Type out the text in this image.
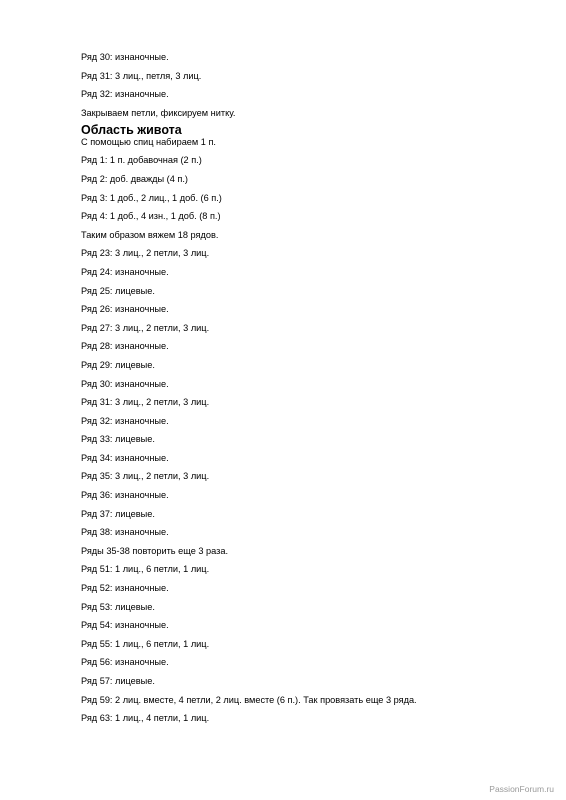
Ряд 30: изнаночные.
Ряд 31: 3 лиц., петля, 3 лиц.
Ряд 32: изнаночные.
Закрываем петли, фиксируем нитку.
Область живота
С помощью спиц набираем 1 п.
Ряд 1: 1 п. добавочная (2 п.)
Ряд 2: доб. дважды (4 п.)
Ряд 3: 1 доб., 2 лиц., 1 доб. (6 п.)
Ряд 4: 1 доб., 4 изн., 1 доб. (8 п.)
Таким образом вяжем 18 рядов.
Ряд 23: 3 лиц., 2 петли, 3 лиц.
Ряд 24: изнаночные.
Ряд 25: лицевые.
Ряд 26: изнаночные.
Ряд 27: 3 лиц., 2 петли, 3 лиц.
Ряд 28: изнаночные.
Ряд 29: лицевые.
Ряд 30: изнаночные.
Ряд 31: 3 лиц., 2 петли, 3 лиц.
Ряд 32: изнаночные.
Ряд 33: лицевые.
Ряд 34: изнаночные.
Ряд 35: 3 лиц., 2 петли, 3 лиц.
Ряд 36: изнаночные.
Ряд 37: лицевые.
Ряд 38: изнаночные.
Ряды 35-38 повторить еще 3 раза.
Ряд 51: 1 лиц., 6 петли, 1 лиц.
Ряд 52: изнаночные.
Ряд 53: лицевые.
Ряд 54: изнаночные.
Ряд 55: 1 лиц., 6 петли, 1 лиц.
Ряд 56: изнаночные.
Ряд 57: лицевые.
Ряд 59: 2 лиц. вместе, 4 петли, 2 лиц. вместе (6 п.). Так провязать еще 3 ряда.
Ряд 63: 1 лиц., 4 петли, 1 лиц.
PassionForum.ru
